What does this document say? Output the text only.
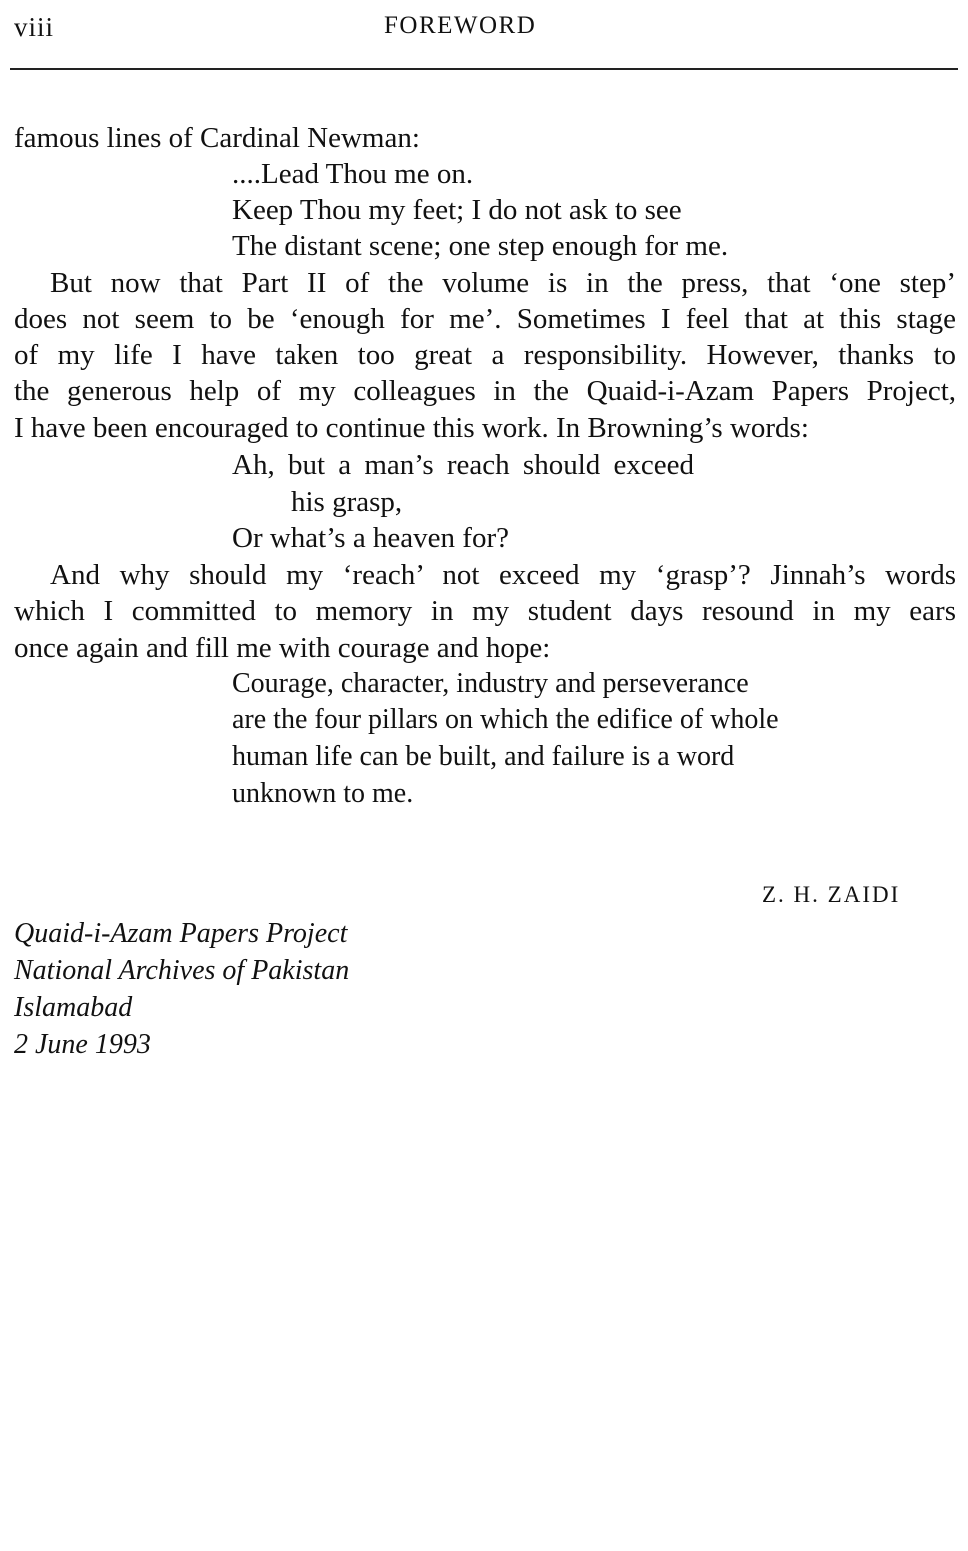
viii	FOREWORD
famous lines of Cardinal Newman:
....Lead Thou me on.
Keep Thou my feet; I do not ask to see
The distant scene; one step enough for me.
But now that Part II of the volume is in the press, that ‘one step’
does not seem to be ‘enough for me’. Sometimes I feel that at this stage
of my life I have taken too great a responsibility. However, thanks to
the generous help of my colleagues in the Quaid-i-Azam Papers Project,
I have been encouraged to continue this work. In Browning’s words:
Ah, but a man’s reach should exceed
his grasp,
Or what’s a heaven for?
And why should my ‘reach’ not exceed my ‘grasp’? Jinnah’s words
which I committed to memory in my student days resound in my ears
once again and fill me with courage and hope:
Courage, character, industry and perseverance
are the four pillars on which the edifice of whole
human life can be built, and failure is a word
unknown to me.
Z. H. ZAIDI
Quaid-i-Azam Papers Project
National Archives of Pakistan
Islamabad
2 June 1993
